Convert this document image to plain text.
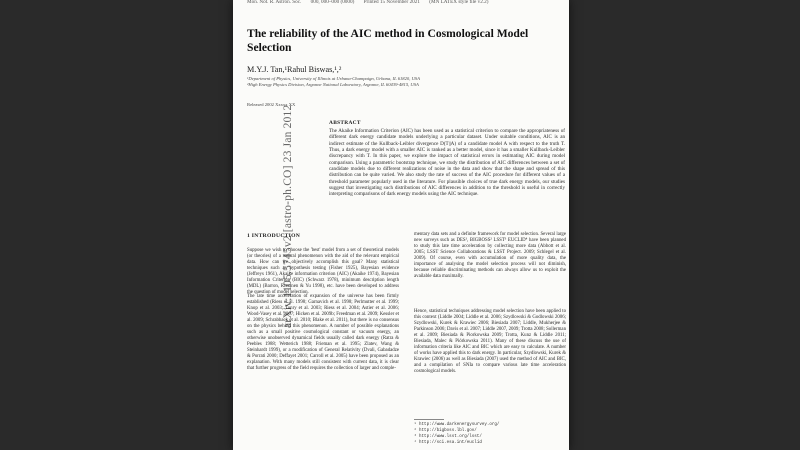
Mon. Not. R. Astron. Soc. 000, 000–000 (0000) Printed 15 November 2021 (MN LATEX style file v2.2)
The reliability of the AIC method in Cosmological Model Selection
M.Y.J. Tan,¹Rahul Biswas,¹,²
¹Department of Physics, University of Illinois at Urbana-Champaign, Urbana, IL 61820, USA
²High Energy Physics Division, Argonne National Laboratory, Argonne, IL 60439-4815, USA
Released 2002 Xxxxx XX
arXiv:1105.5745v2 [astro-ph.CO] 23 Jan 2012	ABSTRACT
The Akaike Information Criterion (AIC) has been used as a statistical criterion to compare the appropriateness of different dark energy candidate models underlying a particular dataset. Under suitable conditions, AIC is an indirect estimate of the Kullback-Leibler divergence D(T||A) of a candidate model A with respect to the truth T. Thus, a dark energy model with a smaller AIC is ranked as a better model, since it has a smaller Kullback-Leibler discrepancy with T. In this paper, we explore the impact of statistical errors in estimating AIC during model comparison. Using a parametric bootstrap technique, we study the distribution of AIC differences between a set of candidate models due to different realizations of noise in the data and show that the shape and spread of this distribution can be quite varied. We also study the rate of success of the AIC procedure for different values of a threshold parameter popularly used in the literature. For plausible choices of true dark energy models, our studies suggest that investigating such distributions of AIC differences in addition to the threshold is useful in correctly interpreting comparisons of dark energy models using the AIC technique.
1 INTRODUCTION
Suppose we wish to choose the 'best' model from a set of theoretical models (or theories) of a natural phenomenon with the aid of the relevant empirical data. How can we objectively accomplish this goal? Many statistical techniques such as hypothesis testing (Fisher 1925), Bayesian evidence (Jeffreys 1961), Akaike information criterion (AIC) (Akaike 1974), Bayesian Information Criterion (BIC) (Schwarz 1978), minimum description length (MDL) (Barron, Rissanen & Yu 1998), etc. have been developed to address the question of model selection.
The late time acceleration of expansion of the universe has been firmly established (Riess et al. 1998; Garnavich et al. 1998; Perlmutter et al. 1999; Knop et al. 2003; Tonry et al. 2003; Riess et al. 2004; Astier et al. 2006; Wood-Vasey et al. 2007; Hicken et al. 2009b; Freedman et al. 2009; Kessler et al. 2009; Schrabback et al. 2010; Blake et al. 2011), but there is no consensus on the physics behind this phenomenon. A number of possible explanations such as a small positive cosmological constant or vacuum energy, an otherwise unobserved dynamical fields usually called dark energy (Ratra & Peebles 1988; Wetterich 1988; Frieman et al. 1995; Zlatev, Wang & Steinhardt 1999), or a modification of General Relativity (Dvali, Gabadadze & Porrati 2000; Deffayet 2001; Carroll et al. 2005) have been proposed as an explanation. With many models still consistent with current data, it is clear that further progress of the field requires the collection of larger and comple-
mentary data sets and a definite framework for model selection. Several large new surveys such as DES¹, BIGBOSS² LSST³ EUCLID⁴ have been planned to study this late time acceleration by collecting more data (Abbott et al. 2005; LSST Science Collaborations & LSST Project. 2009; Schlegel et al. 2009). Of course, even with accumulation of more quality data, the importance of analysing the model selection process will not diminish, because reliable discriminating methods can always allow us to exploit the available data maximally.
Hence, statistical techniques addressing model selection have been applied to this context (Liddle 2004; Liddle et al. 2006; Szydlowski & Godlowski 2006; Szydlowski, Kurek & Krawiec 2006; Biesiada 2007; Liddle, Mukherjee & Parkinson 2006; Davis et al. 2007; Liddle 2007, 2009; Trotta 2008; Sollerman et al. 2009; Biesiada & Piorkowska 2009; Trotta, Kunz & Liddle 2011; Biesiada, Malec & Piórkowska 2011). Many of these discuss the use of information criteria like AIC and BIC which are easy to calculate. A number of works have applied this to dark energy. In particular, Szydlowski, Kurek & Krawiec (2006) as well as Biesiada (2007) used the method of AIC and BIC, and a compilation of SNIa to compare various late time acceleration cosmological models.
¹ http://www.darkenergysurvey.org/
² http://bigboss.lbl.gov/
³ http://www.lsst.org/lsst/
⁴ http://sci.esa.int/euclid
